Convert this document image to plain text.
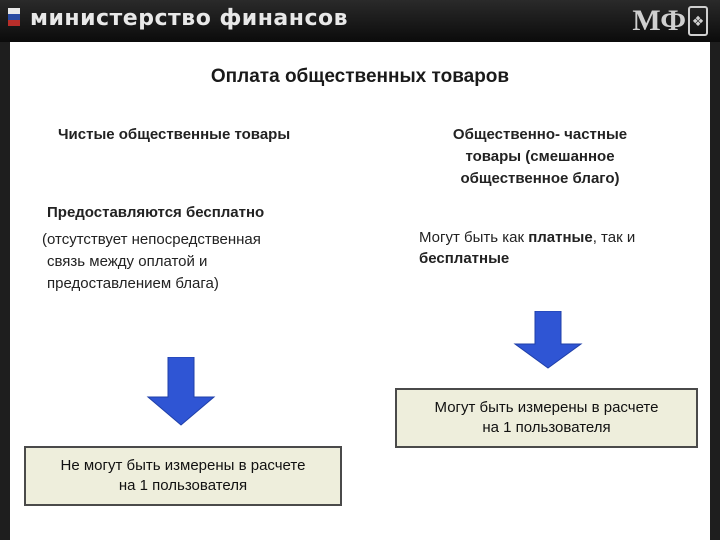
министерство финансов	МФ ❖
Оплата общественных товаров
Чистые общественные товары	Общественно- частные
товары (смешанное
общественное благо)
Предоставляются бесплатно
(отсутствует непосредственная
связь между оплатой и
предоставлением блага)
Могут быть как платные, так и
бесплатные
Могут быть измерены в расчете
на 1 пользователя
Не могут быть измерены в расчете
на 1 пользователя
